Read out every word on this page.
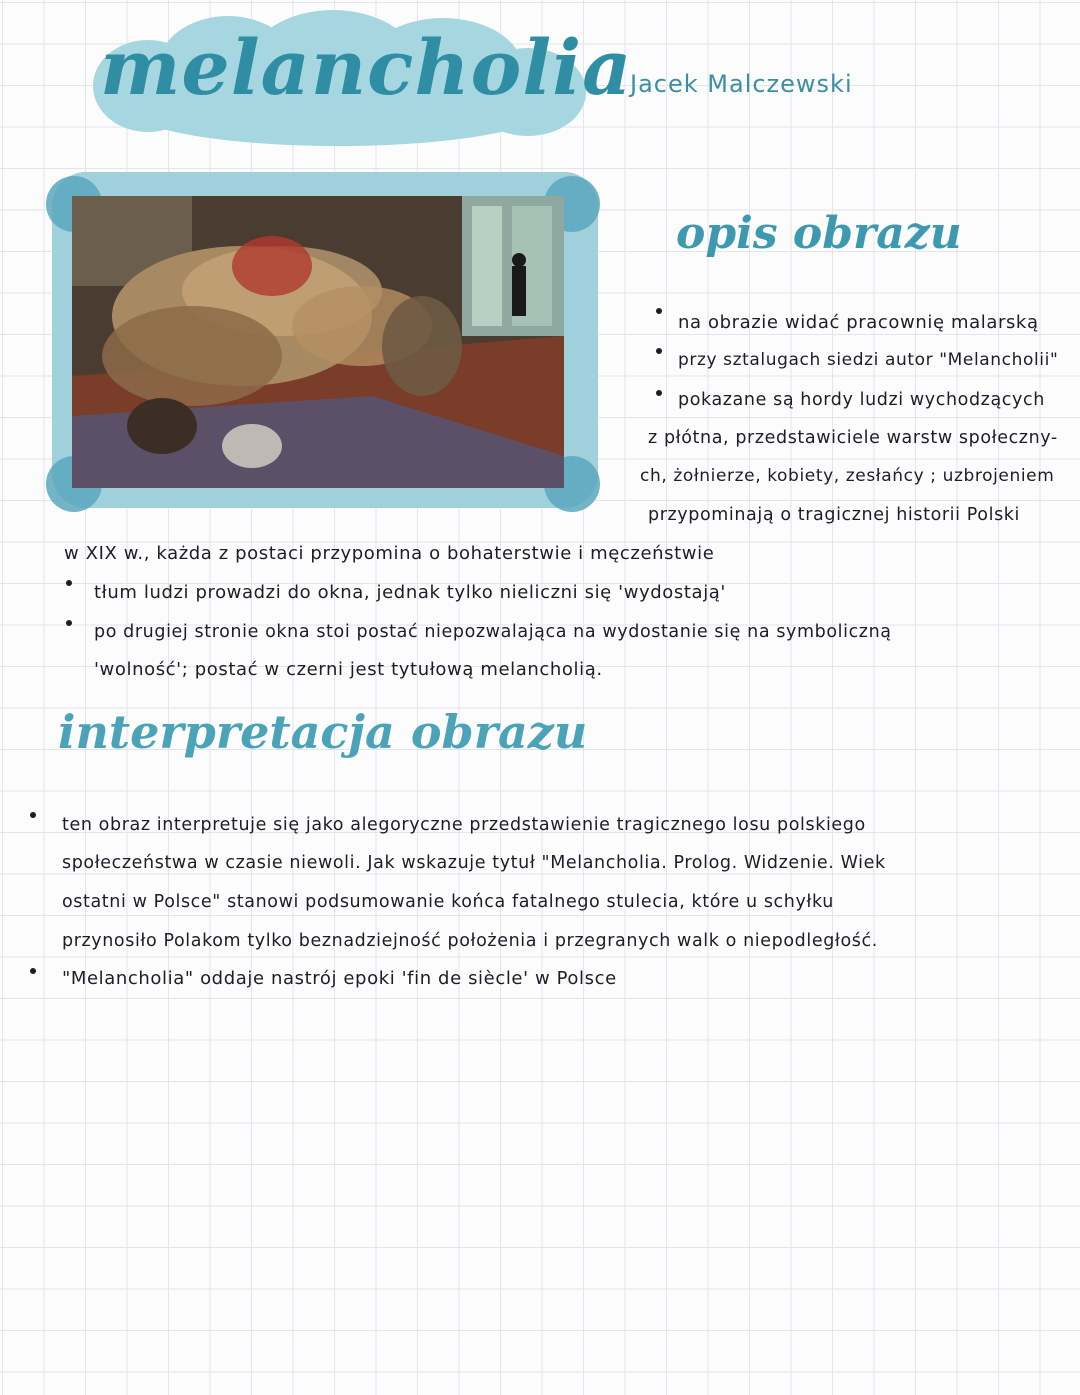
melancholia
Jacek Malczewski
opis obrazu
na obrazie widać pracownię malarską
przy sztalugach siedzi autor "Melancholii"
pokazane są hordy ludzi wychodzących
z płótna, przedstawiciele warstw społeczny-
ch, żołnierze, kobiety, zesłańcy ; uzbrojeniem
przypominają o tragicznej historii Polski
w XIX w., każda z postaci przypomina o bohaterstwie i męczeństwie
tłum ludzi prowadzi do okna, jednak tylko nieliczni się 'wydostają'
po drugiej stronie okna stoi postać niepozwalająca na wydostanie się na symboliczną
'wolność'; postać w czerni jest tytułową melancholią.
interpretacja obrazu
ten obraz interpretuje się jako alegoryczne przedstawienie tragicznego losu polskiego
społeczeństwa w czasie niewoli. Jak wskazuje tytuł "Melancholia. Prolog. Widzenie. Wiek
ostatni w Polsce" stanowi podsumowanie końca fatalnego stulecia, które u schyłku
przynosiło Polakom tylko beznadziejność położenia i przegranych walk o niepodległość.
"Melancholia" oddaje nastrój epoki 'fin de siècle' w Polsce
